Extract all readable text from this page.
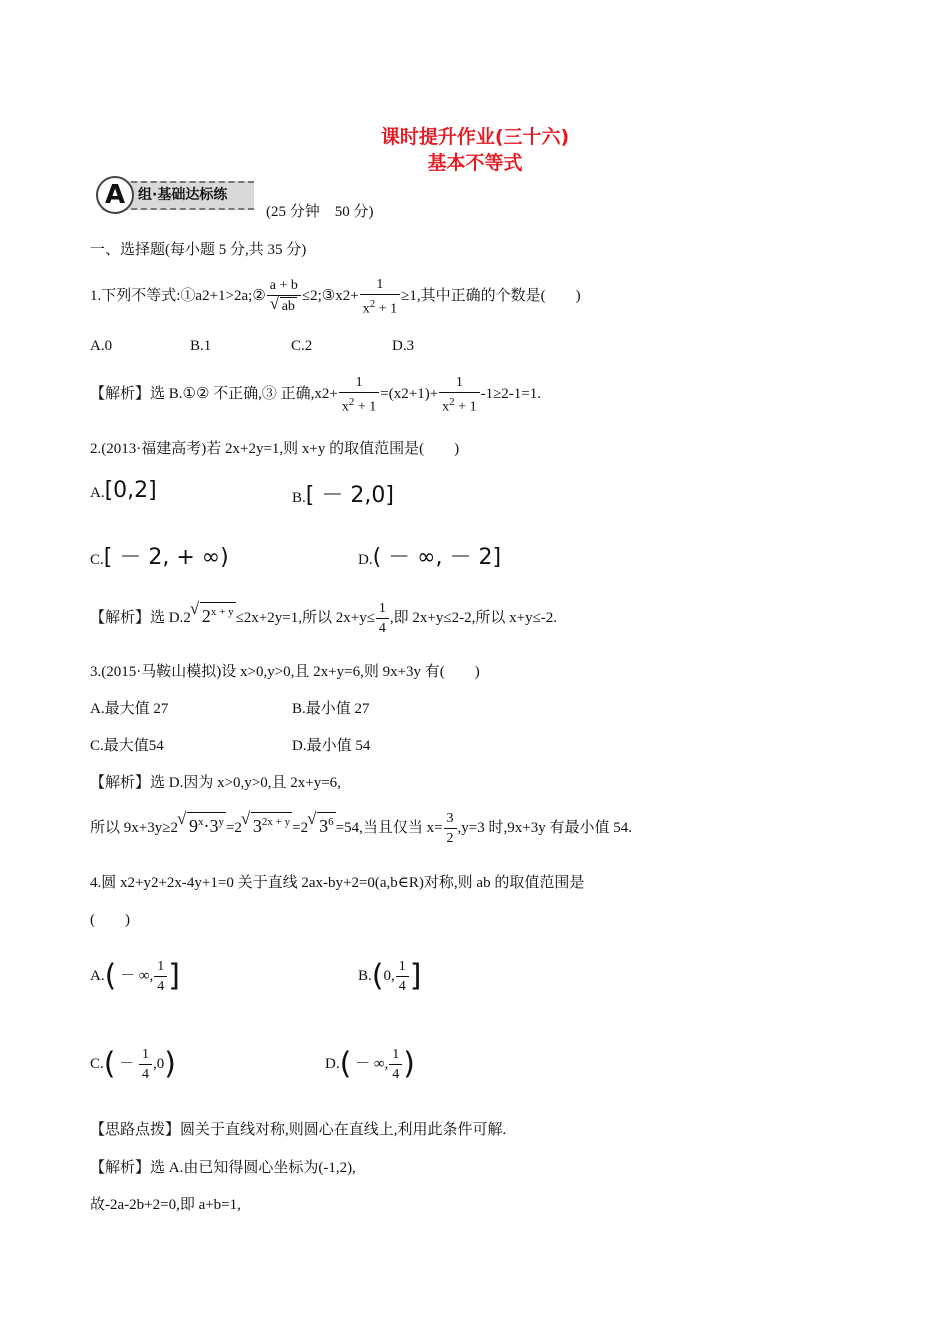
课时提升作业(三十六)
基本不等式
A 组·基础达标练
(25 分钟　50 分)
一、选择题(每小题 5 分,共 35 分)
1.下列不等式:①a2+1>2a;② a + b
√ ab ≤2;③x2+ $\frac{1}{x^2 + 1} \ge 1$,其中正确的个数是(　　)
A.0	B.1	C.2	D.3
【解析】选 B.①② 不正确,③ 正确$,x2+ \frac{1}{x^2 + 1} =(x2+1)+ \frac{1}{x^2 + 1} -1\ge 2-1=1$.
2.(2013·福建高考)若 2x+2y=1,则 x+y 的取值范围是(　　)
A.[0,2]	B.[ － 2,0]
C.[ － 2, + ∞)	D.( － ∞, － 2]
【解析】选 D.2√ $2^{x + y} \le 2x+2y=1$,所以 $2x+y\le \frac{1}{4}$ ,即 2x+y≤2-2,所以 x+y≤-2.
3.(2015·马鞍山模拟)设 x>0,y>0,且 2x+y=6,则 9x+3y 有(　　)
A.最大值 27	B.最小值 27
C.最大值54	D.最小值 54
【解析】选 D.因为 x>0,y>0,且 2x+y=6,
所以 9x+3y≥2√ $9^x\cdot 3^y =2√$ $3^{2x + y} =2√$ $3^6 =54$,当且仅当 $x= \frac{3}{2} ,y=3$ 时,9x+3y 有最小值 54.
4.圆 x2+y2+2x-4y+1=0 关于直线 2ax-by+2=0(a,b∈R)对称,则 ab 的取值范围是
(　　)
A.( － ∞, $\frac{1}{4}$ ]	B.(0, $\frac{1}{4}$ ]
$C.( - \frac{1}{4} ,0)$	D.( － ∞, $\frac{1}{4}$ )
【思路点拨】圆关于直线对称,则圆心在直线上,利用此条件可解.
【解析】选 A.由已知得圆心坐标为(-1,2),
故-2a-2b+2=0,即 a+b=1,
